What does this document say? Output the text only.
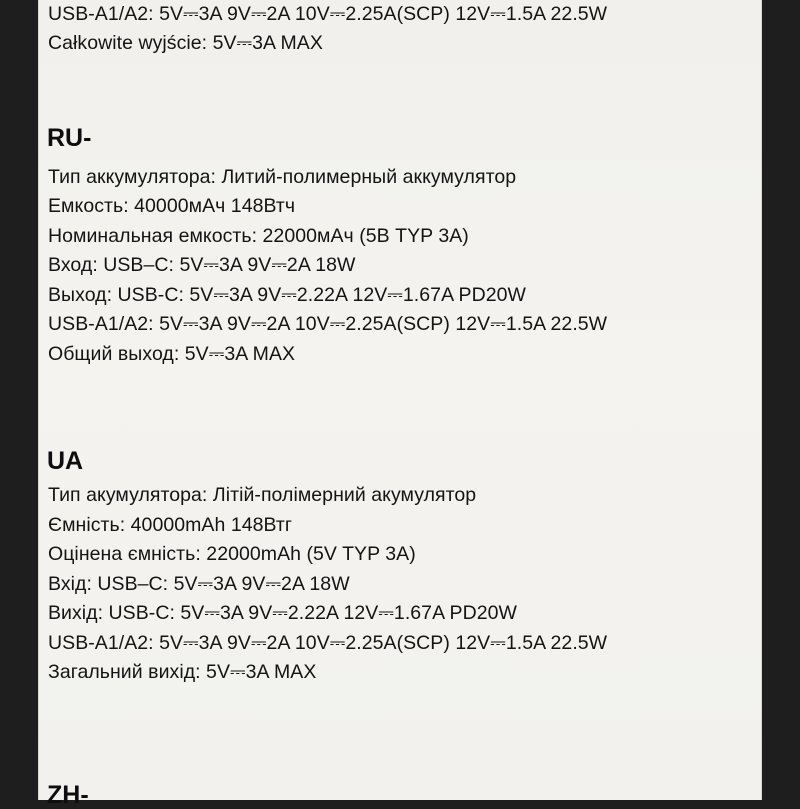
USB-A1/A2: 5V⎓3A 9V⎓2A 10V⎓2.25A(SCP) 12V⎓1.5A 22.5W

Całkowite wyjście: 5V⎓3A MAX

RU-

Тип аккумулятора: Литий-полимерный аккумулятор

Емкость: 40000мАч 148Втч

Номинальная емкость: 22000мАч (5В TYP 3A)

Вход: USB–C: 5V⎓3A 9V⎓2A 18W

Выход: USB-C: 5V⎓3A 9V⎓2.22A 12V⎓1.67A PD20W

USB-A1/A2: 5V⎓3A 9V⎓2A 10V⎓2.25A(SCP) 12V⎓1.5A 22.5W

Общий выход: 5V⎓3A MAX

UA

Тип акумулятора: Літій-полімерний акумулятор

Ємність: 40000mAh 148Втг

Оцінена ємність: 22000mAh (5V TYP 3A)

Вхід: USB–C: 5V⎓3A 9V⎓2A 18W

Вихід: USB-C: 5V⎓3A 9V⎓2.22A 12V⎓1.67A PD20W

USB-A1/A2: 5V⎓3A 9V⎓2A 10V⎓2.25A(SCP) 12V⎓1.5A 22.5W

Загальний вихід: 5V⎓3A MAX

ZH-
